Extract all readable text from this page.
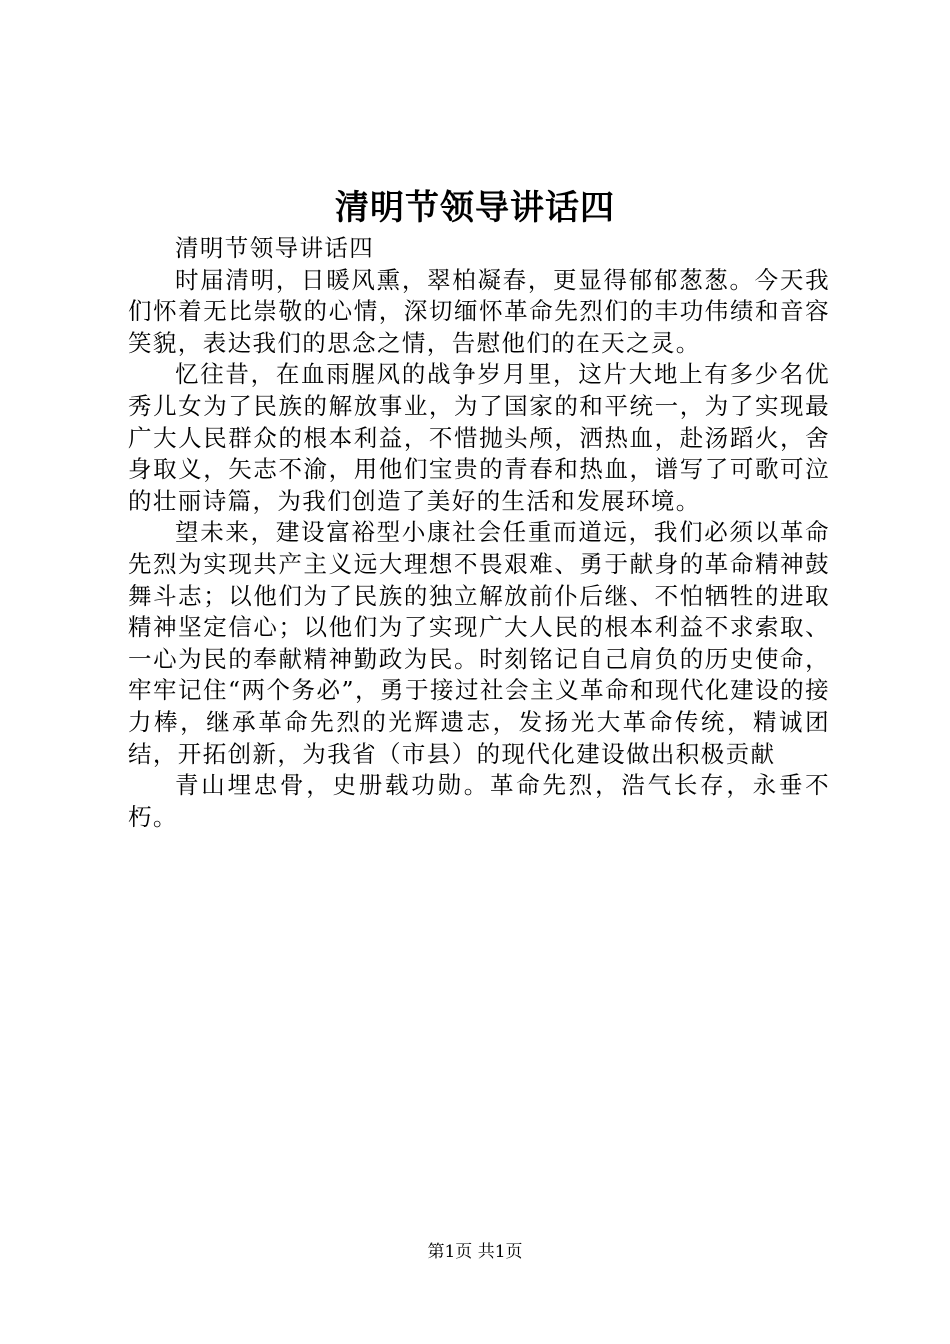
清明节领导讲话四

清明节领导讲话四

时届清明，日暖风熏，翠柏凝春，更显得郁郁葱葱。今天我们怀着无比崇敬的心情，深切缅怀革命先烈们的丰功伟绩和音容笑貌，表达我们的思念之情，告慰他们的在天之灵。

忆往昔，在血雨腥风的战争岁月里，这片大地上有多少名优秀儿女为了民族的解放事业，为了国家的和平统一，为了实现最广大人民群众的根本利益，不惜抛头颅，洒热血，赴汤蹈火，舍身取义，矢志不渝，用他们宝贵的青春和热血，谱写了可歌可泣的壮丽诗篇，为我们创造了美好的生活和发展环境。

望未来，建设富裕型小康社会任重而道远，我们必须以革命先烈为实现共产主义远大理想不畏艰难、勇于献身的革命精神鼓舞斗志；以他们为了民族的独立解放前仆后继、不怕牺牲的进取精神坚定信心；以他们为了实现广大人民的根本利益不求索取、一心为民的奉献精神勤政为民。时刻铭记自己肩负的历史使命，牢牢记住“两个务必”，勇于接过社会主义革命和现代化建设的接力棒，继承革命先烈的光辉遗志，发扬光大革命传统，精诚团结，开拓创新，为我省（市县）的现代化建设做出积极贡献

青山埋忠骨，史册载功勋。革命先烈，浩气长存，永垂不朽。

第1页 共1页
